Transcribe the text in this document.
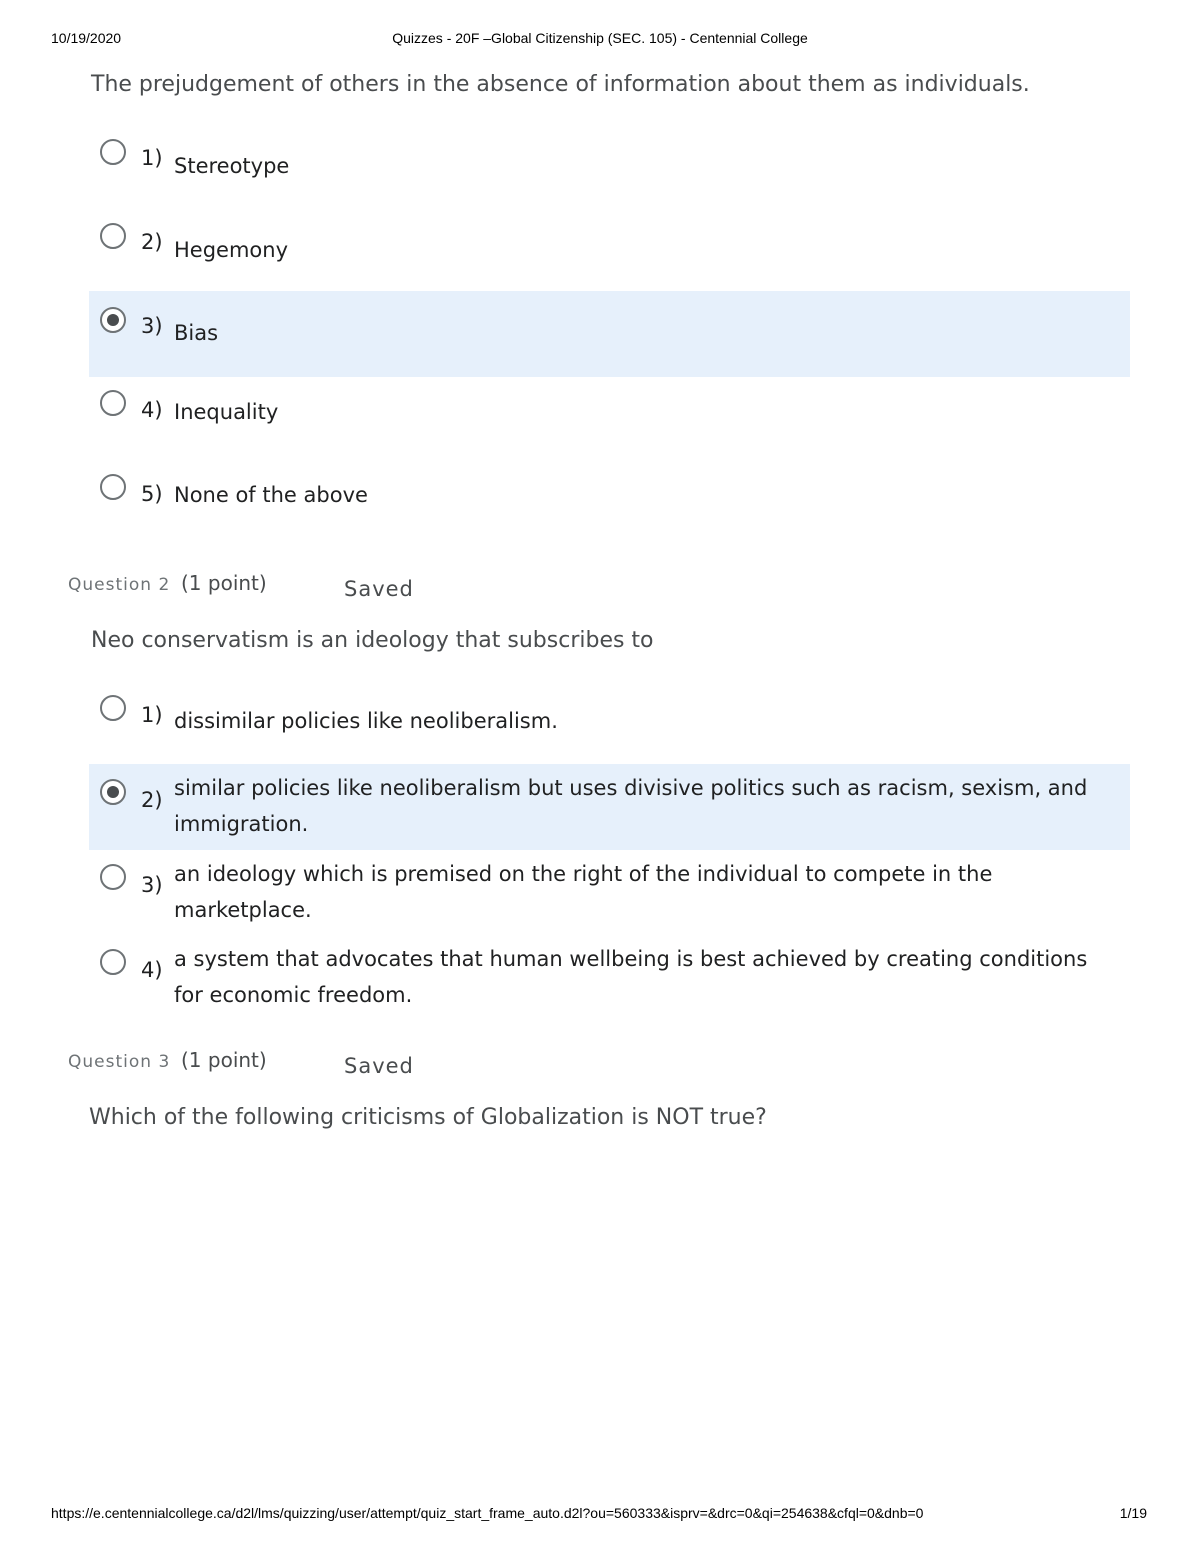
Quizzes - 20F –Global Citizenship (SEC. 105) - Centennial College
10/19/2020
The prejudgement of others in the absence of information about them as individuals.
1) Stereotype
2) Hegemony
3) Bias
4) Inequality
5) None of the above
Question 2 (1 point)	Saved
Neo conservatism is an ideology that subscribes to
1) dissimilar policies like neoliberalism.
2) similar policies like neoliberalism but uses divisive politics such as racism, sexism, and immigration.
3) an ideology which is premised on the right of the individual to compete in the marketplace.
4) a system that advocates that human wellbeing is best achieved by creating conditions for economic freedom.
Question 3 (1 point)	Saved
Which of the following criticisms of Globalization is NOT true?
https://e.centennialcollege.ca/d2l/lms/quizzing/user/attempt/quiz_start_frame_auto.d2l?ou=560333&isprv=&drc=0&qi=254638&cfql=0&dnb=0	1/19
